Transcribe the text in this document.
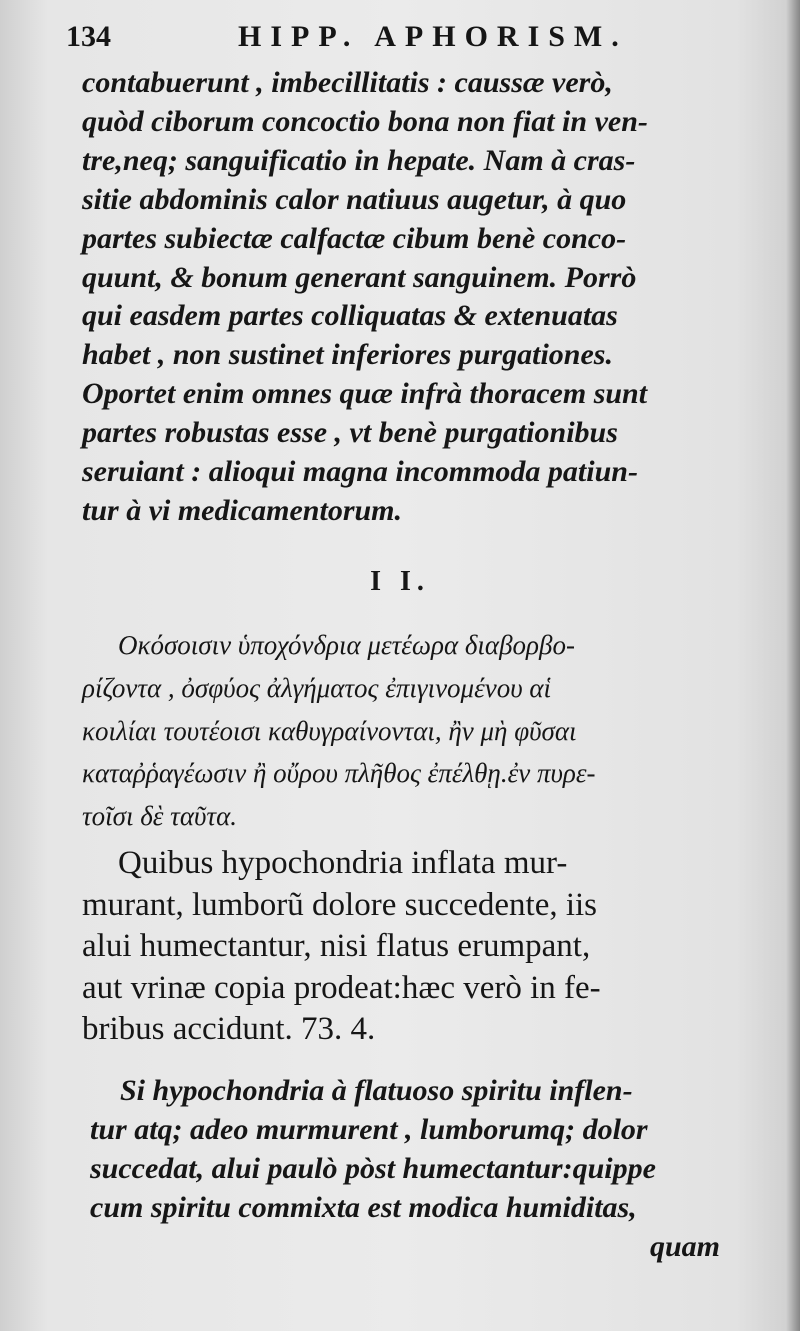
134	HIPP. APHORISM.
contabuerunt , imbecillitatis : caussæ verò,
quòd ciborum concoctio bona non fiat in ven-
tre,neq; sanguificatio in hepate. Nam à cras-
sitie abdominis calor natiuus augetur, à quo
partes subiectæ calfactæ cibum benè conco-
quunt, & bonum generant sanguinem. Porrò
qui easdem partes colliquatas & extenuatas
habet , non sustinet inferiores purgationes.
Oportet enim omnes quæ infrà thoracem sunt
partes robustas esse , vt benè purgationibus
seruiant : alioqui magna incommoda patiun-
tur à vi medicamentorum.
I I.
Οκόσοισιν ὑποχόνδρια μετέωρα διαβορβο-
ρίζοντα , ὀσφύος ἀλγήματος ἐπιγινομένου αἱ
κοιλίαι τουτέοισι καθυγραίνονται, ἢν μὴ φῦσαι
καταῤῥαγέωσιν ἢ οὔρου πλῆθος ἐπέλθῃ.ἐν πυρε-
τοῖσι δὲ ταῦτα.
Quibus hypochondria inflata mur-
murant, lumborũ dolore succedente, iis
alui humectantur, nisi flatus erumpant,
aut vrinæ copia prodeat:hæc verò in fe-
bribus accidunt. 73. 4.
Si hypochondria à flatuoso spiritu inflen-
tur atq; adeo murmurent , lumborumq; dolor
succedat, alui paulò pòst humectantur:quippe
cum spiritu commixta est modica humiditas,
quam
